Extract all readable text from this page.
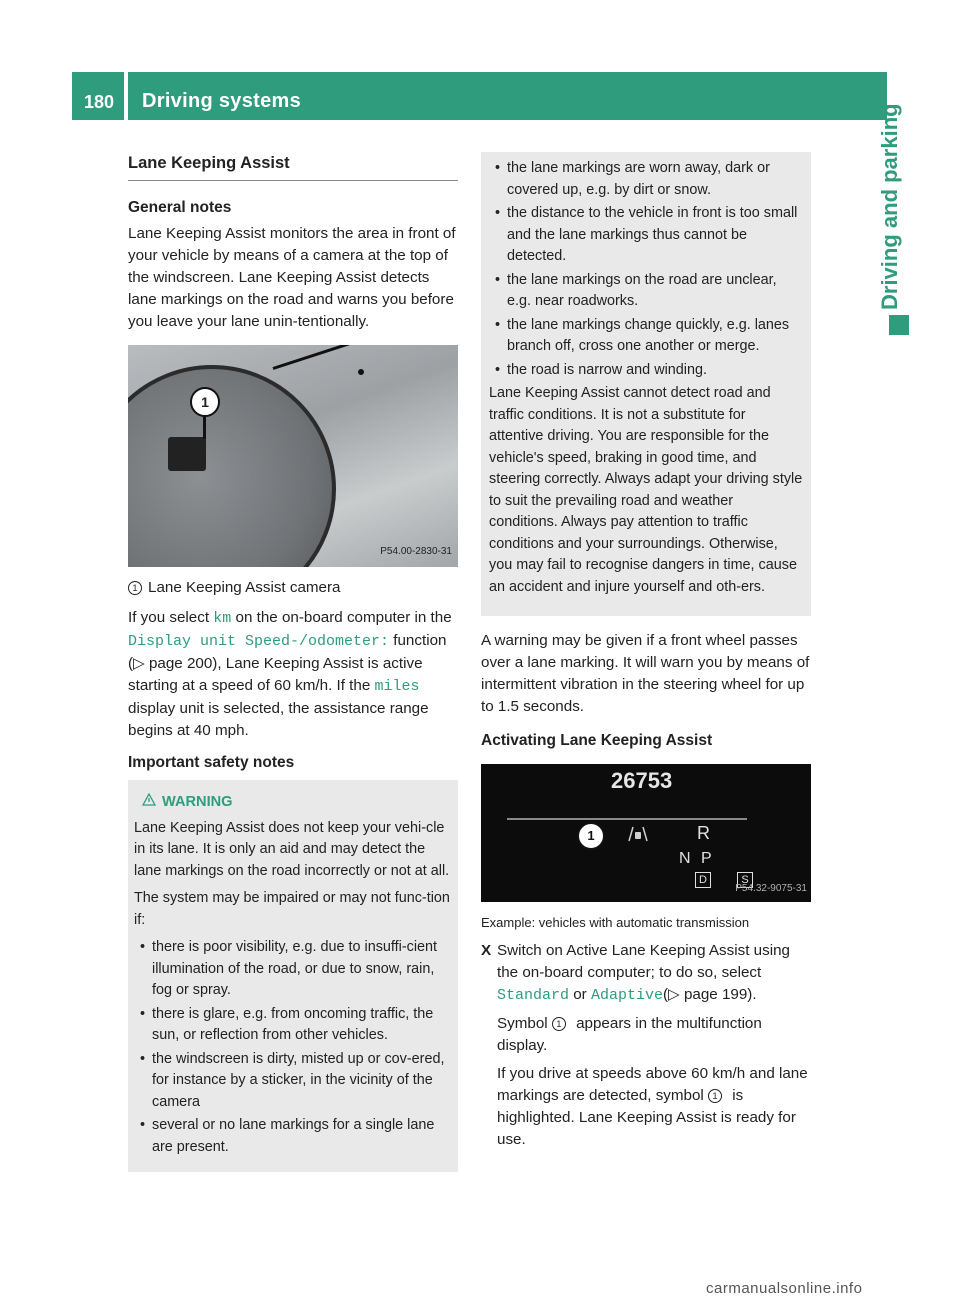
180 Driving systems
Driving and parking
Lane Keeping Assist
General notes

Lane Keeping Assist monitors the area in front of your vehicle by means of a camera at the top of the windscreen. Lane Keeping Assist detects lane markings on the road and warns you before you leave your lane unin-tentionally.

1
P54.00-2830-31

1 Lane Keeping Assist camera

If you select km on the on-board computer in the Display unit Speed-/odometer: function (▷ page 200), Lane Keeping Assist is active starting at a speed of 60 km/h. If the miles display unit is selected, the assistance range begins at 40 mph.

Important safety notes
WARNING

Lane Keeping Assist does not keep your vehi-cle in its lane. It is only an aid and may detect the lane markings on the road incorrectly or not at all.

The system may be impaired or may not func-tion if:

• there is poor visibility, e.g. due to insuffi-cient illumination of the road, or due to snow, rain, fog or spray.
• there is glare, e.g. from oncoming traffic, the sun, or reflection from other vehicles.
• the windscreen is dirty, misted up or cov-ered, for instance by a sticker, in the vicinity of the camera
• several or no lane markings for a single lane are present.
• the lane markings are worn away, dark or covered up, e.g. by dirt or snow.
• the distance to the vehicle in front is too small and the lane markings thus cannot be detected.
• the lane markings on the road are unclear, e.g. near roadworks.
• the lane markings change quickly, e.g. lanes branch off, cross one another or merge.
• the road is narrow and winding.

Lane Keeping Assist cannot detect road and traffic conditions. It is not a substitute for attentive driving. You are responsible for the vehicle's speed, braking in good time, and steering correctly. Always adapt your driving style to suit the prevailing road and weather conditions. Always pay attention to traffic conditions and your surroundings. Otherwise, you may fail to recognise dangers in time, cause an accident and injure yourself and oth-ers.

A warning may be given if a front wheel passes over a lane marking. It will warn you by means of intermittent vibration in the steering wheel for up to 1.5 seconds.

Activating Lane Keeping Assist
26753
1	R
N P
D	S
P54.32-9075-31

Example: vehicles with automatic transmission

X Switch on Active Lane Keeping Assist using the on-board computer; to do so, select Standard or Adaptive(▷ page 199).

Symbol 1 appears in the multifunction display.

If you drive at speeds above 60 km/h and lane markings are detected, symbol 1 is highlighted. Lane Keeping Assist is ready for use.

carmanualsonline.info
